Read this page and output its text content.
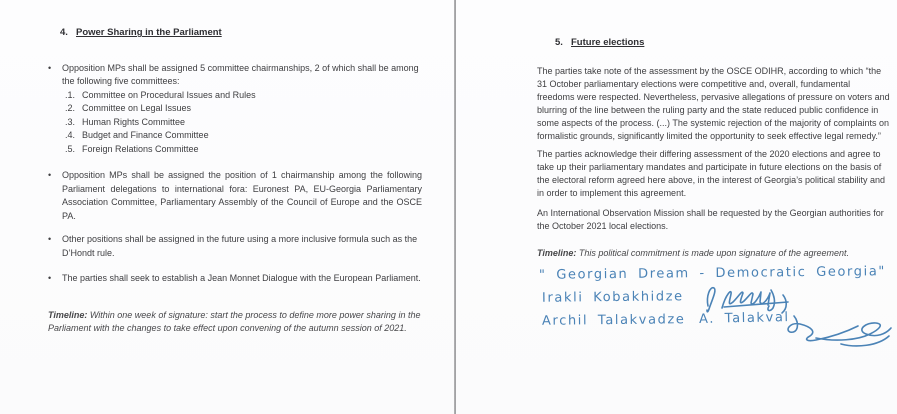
4. Power Sharing in the Parliament
•	Opposition MPs shall be assigned 5 committee chairmanships, 2 of which shall be among the following five committees:
.1. Committee on Procedural Issues and Rules
.2. Committee on Legal Issues
.3. Human Rights Committee
.4. Budget and Finance Committee
.5. Foreign Relations Committee
•	Opposition MPs shall be assigned the position of 1 chairmanship among the following Parliament delegations to international fora: Euronest PA, EU-Georgia Parliamentary Association Committee, Parliamentary Assembly of the Council of Europe and the OSCE PA.
•	Other positions shall be assigned in the future using a more inclusive formula such as the D’Hondt rule.
•	The parties shall seek to establish a Jean Monnet Dialogue with the European Parliament.
Timeline: Within one week of signature: start the process to define more power sharing in the Parliament with the changes to take effect upon convening of the autumn session of 2021.
5. Future elections

The parties take note of the assessment by the OSCE ODIHR, according to which “the 31 October parliamentary elections were competitive and, overall, fundamental freedoms were respected. Nevertheless, pervasive allegations of pressure on voters and blurring of the line between the ruling party and the state reduced public confidence in some aspects of the process. (...) The systemic rejection of the majority of complaints on formalistic grounds, significantly limited the opportunity to seek effective legal remedy.”

The parties acknowledge their differing assessment of the 2020 elections and agree to take up their parliamentary mandates and participate in future elections on the basis of the electoral reform agreed here above, in the interest of Georgia’s political stability and in order to implement this agreement.

An International Observation Mission shall be requested by the Georgian authorities for the October 2021 local elections.

Timeline: This political commitment is made upon signature of the agreement.
" Georgian Dream - Democratic Georgia"
Irakli Kobakhidze
Archil Talakvadze A. Talakval
